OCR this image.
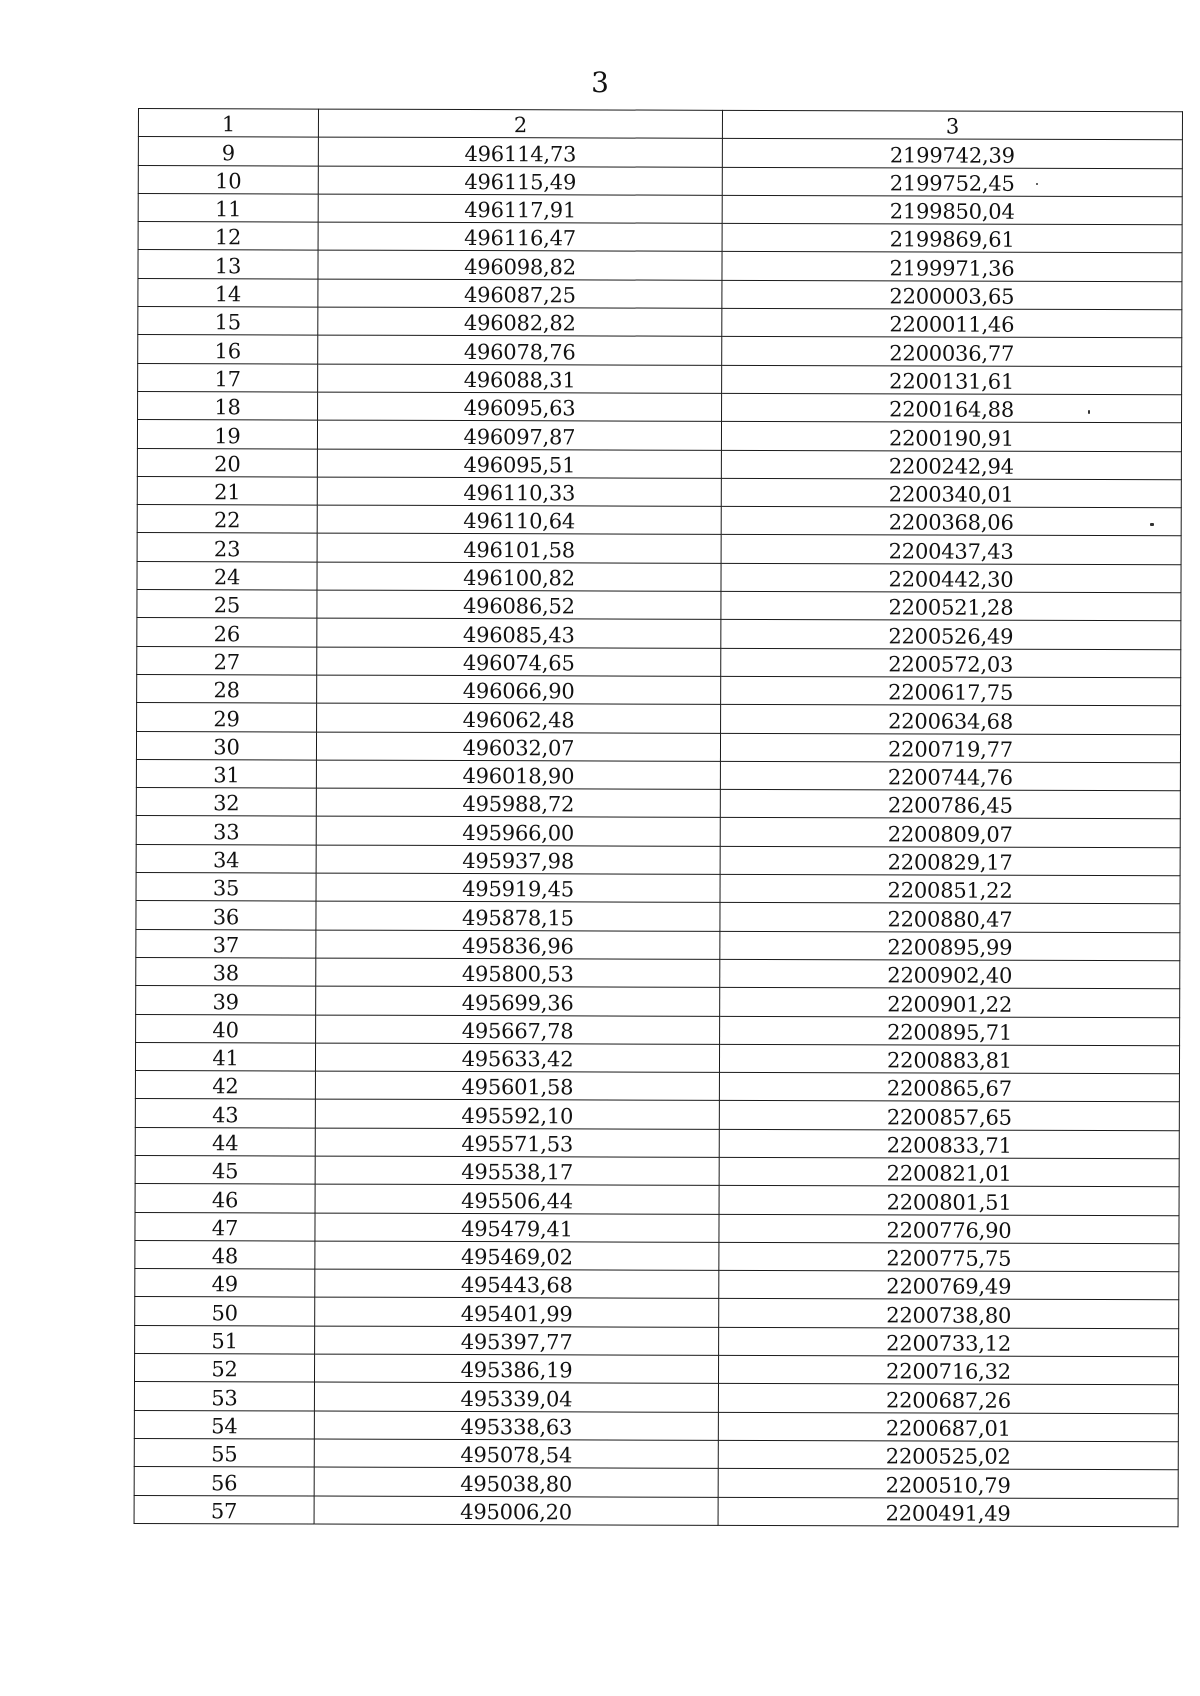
3
1	2	3
9	496114,73	2199742,39
10	496115,49	2199752,45
11	496117,91	2199850,04
12	496116,47	2199869,61
13	496098,82	2199971,36
14	496087,25	2200003,65
15	496082,82	2200011,46
16	496078,76	2200036,77
17	496088,31	2200131,61
18	496095,63	2200164,88
19	496097,87	2200190,91
20	496095,51	2200242,94
21	496110,33	2200340,01
22	496110,64	2200368,06
23	496101,58	2200437,43
24	496100,82	2200442,30
25	496086,52	2200521,28
26	496085,43	2200526,49
27	496074,65	2200572,03
28	496066,90	2200617,75
29	496062,48	2200634,68
30	496032,07	2200719,77
31	496018,90	2200744,76
32	495988,72	2200786,45
33	495966,00	2200809,07
34	495937,98	2200829,17
35	495919,45	2200851,22
36	495878,15	2200880,47
37	495836,96	2200895,99
38	495800,53	2200902,40
39	495699,36	2200901,22
40	495667,78	2200895,71
41	495633,42	2200883,81
42	495601,58	2200865,67
43	495592,10	2200857,65
44	495571,53	2200833,71
45	495538,17	2200821,01
46	495506,44	2200801,51
47	495479,41	2200776,90
48	495469,02	2200775,75
49	495443,68	2200769,49
50	495401,99	2200738,80
51	495397,77	2200733,12
52	495386,19	2200716,32
53	495339,04	2200687,26
54	495338,63	2200687,01
55	495078,54	2200525,02
56	495038,80	2200510,79
57	495006,20	2200491,49
